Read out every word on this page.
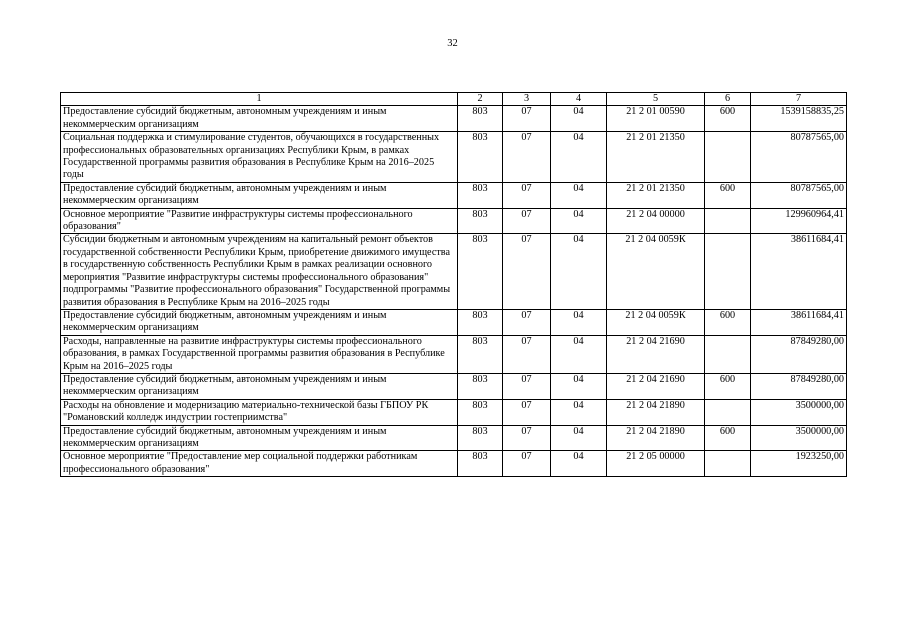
32
1	2	3	4	5	6	7
Предоставление субсидий бюджетным, автономным учреждениям и иным некоммерческим организациям	803	07	04	21 2 01 00590	600	1539158835,25
Социальная поддержка и стимулирование студентов, обучающихся в государственных профессиональных образовательных организациях Республики Крым, в рамках Государственной программы развития образования в Республике Крым на 2016–2025 годы	803	07	04	21 2 01 21350		80787565,00
Предоставление субсидий бюджетным, автономным учреждениям и иным некоммерческим организациям	803	07	04	21 2 01 21350	600	80787565,00
Основное мероприятие "Развитие инфраструктуры системы профессионального образования"	803	07	04	21 2 04 00000		129960964,41
Субсидии бюджетным и автономным учреждениям на капитальный ремонт объектов государственной собственности Республики Крым, приобретение движимого имущества в государственную собственность Республики Крым в рамках реализации основного мероприятия "Развитие инфраструктуры системы профессионального образования" подпрограммы "Развитие профессионального образования" Государственной программы развития образования в Республике Крым на 2016–2025 годы	803	07	04	21 2 04 0059К		38611684,41
Предоставление субсидий бюджетным, автономным учреждениям и иным некоммерческим организациям	803	07	04	21 2 04 0059К	600	38611684,41
Расходы, направленные на развитие инфраструктуры системы профессионального образования, в рамках Государственной программы развития образования в Республике Крым на 2016–2025 годы	803	07	04	21 2 04 21690		87849280,00
Предоставление субсидий бюджетным, автономным учреждениям и иным некоммерческим организациям	803	07	04	21 2 04 21690	600	87849280,00
Расходы на обновление и модернизацию материально-технической базы ГБПОУ РК "Романовский колледж индустрии гостеприимства"	803	07	04	21 2 04 21890		3500000,00
Предоставление субсидий бюджетным, автономным учреждениям и иным некоммерческим организациям	803	07	04	21 2 04 21890	600	3500000,00
Основное мероприятие "Предоставление мер социальной поддержки работникам профессионального образования"	803	07	04	21 2 05 00000		1923250,00
